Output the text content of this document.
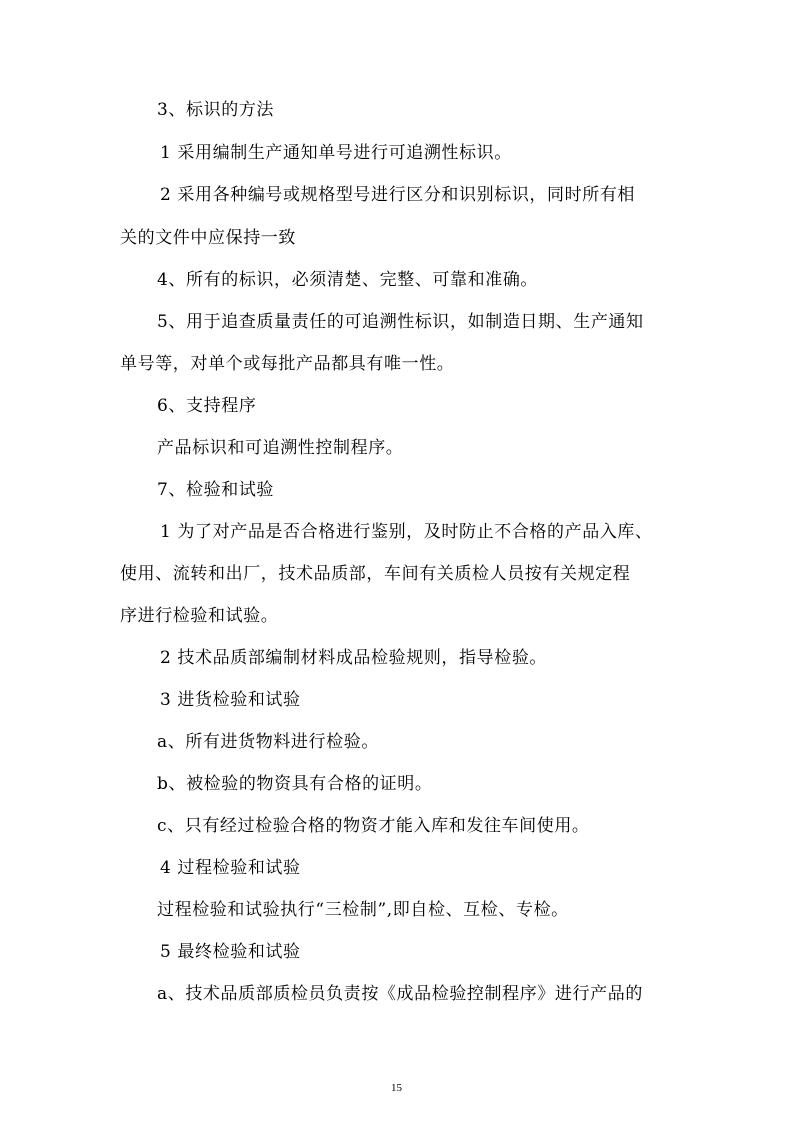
3、标识的方法
1 采用编制生产通知单号进行可追溯性标识。
2 采用各种编号或规格型号进行区分和识别标识，同时所有相
关的文件中应保持一致
4、所有的标识，必须清楚、完整、可靠和准确。
5、用于追查质量责任的可追溯性标识，如制造日期、生产通知
单号等，对单个或每批产品都具有唯一性。
6、支持程序
产品标识和可追溯性控制程序。
7、检验和试验
1 为了对产品是否合格进行鉴别，及时防止不合格的产品入库、
使用、流转和出厂，技术品质部，车间有关质检人员按有关规定程
序进行检验和试验。
2 技术品质部编制材料成品检验规则，指导检验。
3 进货检验和试验
a、所有进货物料进行检验。
b、被检验的物资具有合格的证明。
c、只有经过检验合格的物资才能入库和发往车间使用。
4 过程检验和试验
过程检验和试验执行“三检制”,即自检、互检、专检。
5 最终检验和试验
a、技术品质部质检员负责按《成品检验控制程序》进行产品的
15
